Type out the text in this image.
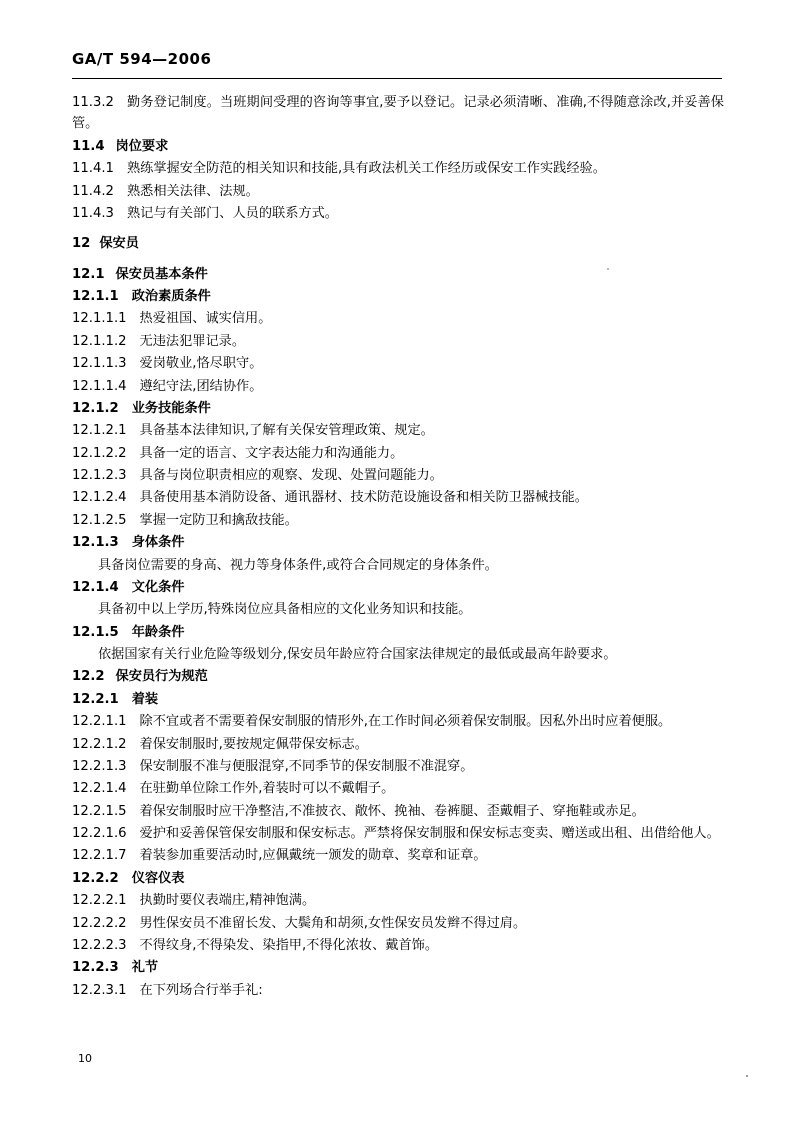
GA/T 594—2006
11.3.2 勤务登记制度。当班期间受理的咨询等事宜,要予以登记。记录必须清晰、准确,不得随意涂改,并妥善保管。
11.4 岗位要求
11.4.1 熟练掌握安全防范的相关知识和技能,具有政法机关工作经历或保安工作实践经验。
11.4.2 熟悉相关法律、法规。
11.4.3 熟记与有关部门、人员的联系方式。
12 保安员
12.1 保安员基本条件
12.1.1 政治素质条件
12.1.1.1 热爱祖国、诚实信用。
12.1.1.2 无违法犯罪记录。
12.1.1.3 爱岗敬业,恪尽职守。
12.1.1.4 遵纪守法,团结协作。
12.1.2 业务技能条件
12.1.2.1 具备基本法律知识,了解有关保安管理政策、规定。
12.1.2.2 具备一定的语言、文字表达能力和沟通能力。
12.1.2.3 具备与岗位职责相应的观察、发现、处置问题能力。
12.1.2.4 具备使用基本消防设备、通讯器材、技术防范设施设备和相关防卫器械技能。
12.1.2.5 掌握一定防卫和擒敌技能。
12.1.3 身体条件
具备岗位需要的身高、视力等身体条件,或符合合同规定的身体条件。
12.1.4 文化条件
具备初中以上学历,特殊岗位应具备相应的文化业务知识和技能。
12.1.5 年龄条件
依据国家有关行业危险等级划分,保安员年龄应符合国家法律规定的最低或最高年龄要求。
12.2 保安员行为规范
12.2.1 着装
12.2.1.1 除不宜或者不需要着保安制服的情形外,在工作时间必须着保安制服。因私外出时应着便服。
12.2.1.2 着保安制服时,要按规定佩带保安标志。
12.2.1.3 保安制服不准与便服混穿,不同季节的保安制服不准混穿。
12.2.1.4 在驻勤单位除工作外,着装时可以不戴帽子。
12.2.1.5 着保安制服时应干净整洁,不准披衣、敞怀、挽袖、卷裤腿、歪戴帽子、穿拖鞋或赤足。
12.2.1.6 爱护和妥善保管保安制服和保安标志。严禁将保安制服和保安标志变卖、赠送或出租、出借给他人。
12.2.1.7 着装参加重要活动时,应佩戴统一颁发的勋章、奖章和证章。
12.2.2 仪容仪表
12.2.2.1 执勤时要仪表端庄,精神饱满。
12.2.2.2 男性保安员不准留长发、大鬓角和胡须,女性保安员发辫不得过肩。
12.2.2.3 不得纹身,不得染发、染指甲,不得化浓妆、戴首饰。
12.2.3 礼节
12.2.3.1 在下列场合行举手礼:
10
